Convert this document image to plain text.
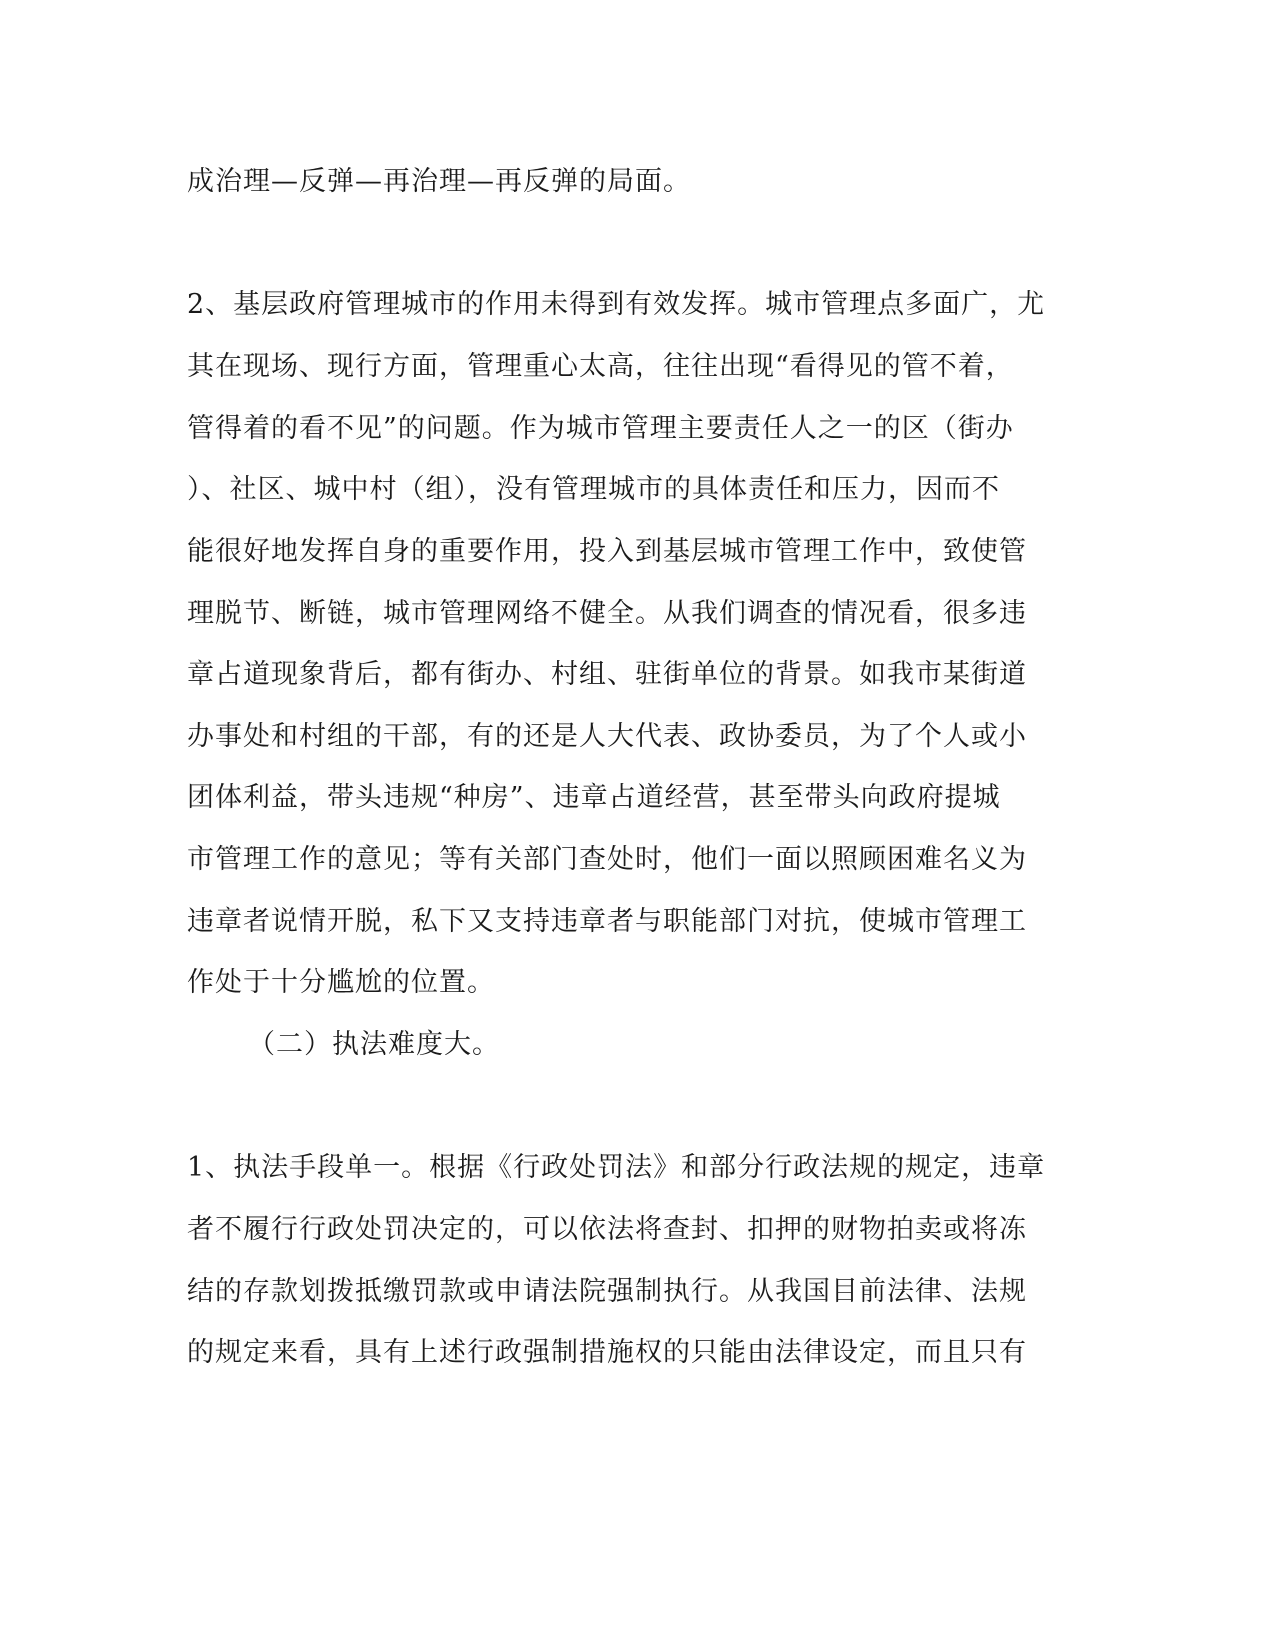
成治理—反弹—再治理—再反弹的局面。
2、基层政府管理城市的作用未得到有效发挥。城市管理点多面广，尤
其在现场、现行方面，管理重心太高，往往出现“看得见的管不着，
管得着的看不见”的问题。作为城市管理主要责任人之一的区（街办
）、社区、城中村（组），没有管理城市的具体责任和压力，因而不
能很好地发挥自身的重要作用，投入到基层城市管理工作中，致使管
理脱节、断链，城市管理网络不健全。从我们调查的情况看，很多违
章占道现象背后，都有街办、村组、驻街单位的背景。如我市某街道
办事处和村组的干部，有的还是人大代表、政协委员，为了个人或小
团体利益，带头违规“种房”、违章占道经营，甚至带头向政府提城
市管理工作的意见；等有关部门查处时，他们一面以照顾困难名义为
违章者说情开脱，私下又支持违章者与职能部门对抗，使城市管理工
作处于十分尴尬的位置。
（二）执法难度大。
1、执法手段单一。根据《行政处罚法》和部分行政法规的规定，违章
者不履行行政处罚决定的，可以依法将查封、扣押的财物拍卖或将冻
结的存款划拨抵缴罚款或申请法院强制执行。从我国目前法律、法规
的规定来看，具有上述行政强制措施权的只能由法律设定，而且只有
